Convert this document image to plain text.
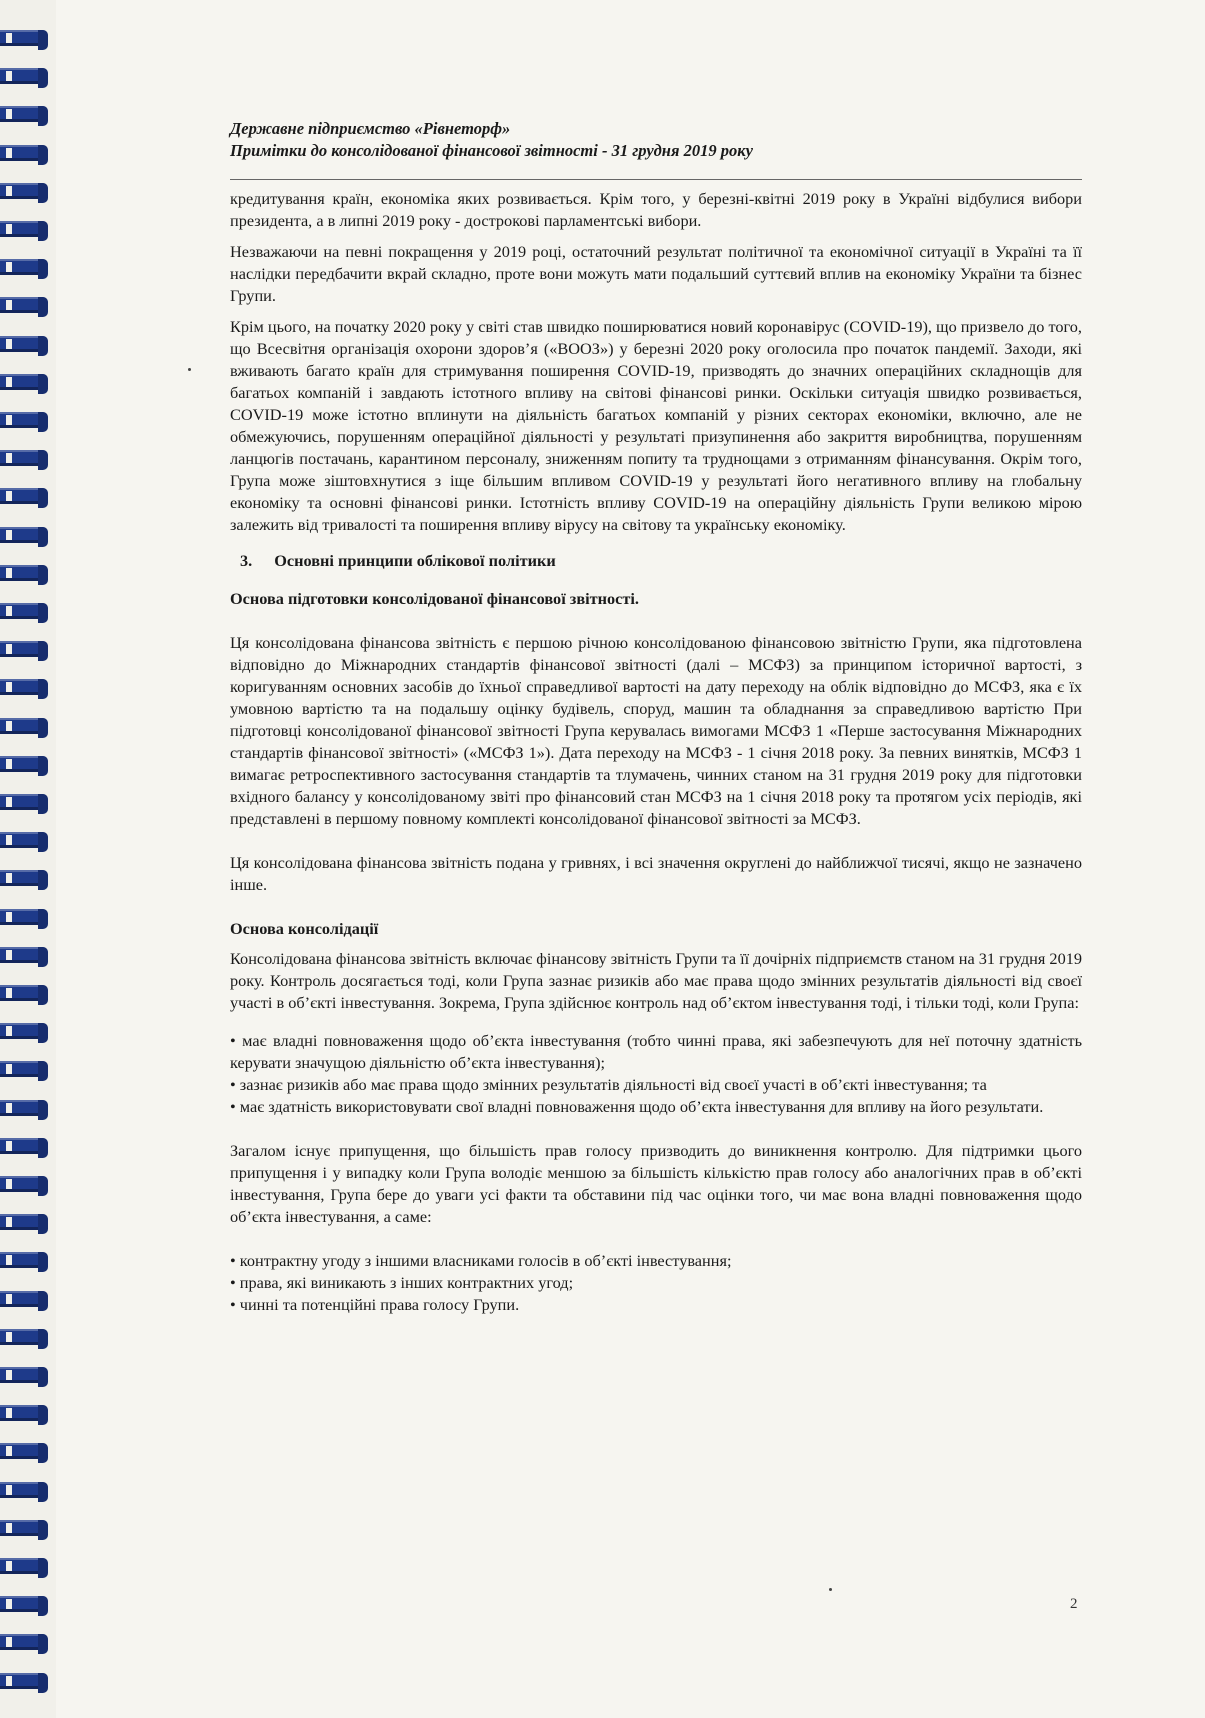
Державне підприємство «Рівнеторф»
Примітки до консолідованої фінансової звітності - 31 грудня 2019 року

кредитування країн, економіка яких розвивається. Крім того, у березні-квітні 2019 року в Україні відбулися вибори президента, а в липні 2019 року - дострокові парламентські вибори.

Незважаючи на певні покращення у 2019 році, остаточний результат політичної та економічної ситуації в Україні та її наслідки передбачити вкрай складно, проте вони можуть мати подальший суттєвий вплив на економіку України та бізнес Групи.

Крім цього, на початку 2020 року у світі став швидко поширюватися новий коронавірус (COVID-19), що призвело до того, що Всесвітня організація охорони здоров’я («ВООЗ») у березні 2020 року оголосила про початок пандемії. Заходи, які вживають багато країн для стримування поширення COVID-19, призводять до значних операційних складнощів для багатьох компаній і завдають істотного впливу на світові фінансові ринки. Оскільки ситуація швидко розвивається, COVID-19 може істотно вплинути на діяльність багатьох компаній у різних секторах економіки, включно, але не обмежуючись, порушенням операційної діяльності у результаті призупинення або закриття виробництва, порушенням ланцюгів постачань, карантином персоналу, зниженням попиту та труднощами з отриманням фінансування. Окрім того, Група може зіштовхнутися з іще більшим впливом COVID-19 у результаті його негативного впливу на глобальну економіку та основні фінансові ринки. Істотність впливу COVID-19 на операційну діяльність Групи великою мірою залежить від тривалості та поширення впливу вірусу на світову та українську економіку.

3. Основні принципи облікової політики
Основа підготовки консолідованої фінансової звітності.

Ця консолідована фінансова звітність є першою річною консолідованою фінансовою звітністю Групи, яка підготовлена відповідно до Міжнародних стандартів фінансової звітності (далі – МСФЗ) за принципом історичної вартості, з коригуванням основних засобів до їхньої справедливої вартості на дату переходу на облік відповідно до МСФЗ, яка є їх умовною вартістю та на подальшу оцінку будівель, споруд, машин та обладнання за справедливою вартістю При підготовці консолідованої фінансової звітності Група керувалась вимогами МСФЗ 1 «Перше застосування Міжнародних стандартів фінансової звітності» («МСФЗ 1»). Дата переходу на МСФЗ - 1 січня 2018 року. За певних винятків, МСФЗ 1 вимагає ретроспективного застосування стандартів та тлумачень, чинних станом на 31 грудня 2019 року для підготовки вхідного балансу у консолідованому звіті про фінансовий стан МСФЗ на 1 січня 2018 року та протягом усіх періодів, які представлені в першому повному комплекті консолідованої фінансової звітності за МСФЗ.

Ця консолідована фінансова звітність подана у гривнях, і всі значення округлені до найближчої тисячі, якщо не зазначено інше.

Основа консолідації

Консолідована фінансова звітність включає фінансову звітність Групи та її дочірніх підприємств станом на 31 грудня 2019 року. Контроль досягається тоді, коли Група зазнає ризиків або має права щодо змінних результатів діяльності від своєї участі в об’єкті інвестування. Зокрема, Група здійснює контроль над об’єктом інвестування тоді, і тільки тоді, коли Група:

• має владні повноваження щодо об’єкта інвестування (тобто чинні права, які забезпечують для неї поточну здатність керувати значущою діяльністю об’єкта інвестування);
• зазнає ризиків або має права щодо змінних результатів діяльності від своєї участі в об’єкті інвестування; та
• має здатність використовувати свої владні повноваження щодо об’єкта інвестування для впливу на його результати.

Загалом існує припущення, що більшість прав голосу призводить до виникнення контролю. Для підтримки цього припущення і у випадку коли Група володіє меншою за більшість кількістю прав голосу або аналогічних прав в об’єкті інвестування, Група бере до уваги усі факти та обставини під час оцінки того, чи має вона владні повноваження щодо об’єкта інвестування, а саме:

• контрактну угоду з іншими власниками голосів в об’єкті інвестування;
• права, які виникають з інших контрактних угод;
• чинні та потенційні права голосу Групи.
2
